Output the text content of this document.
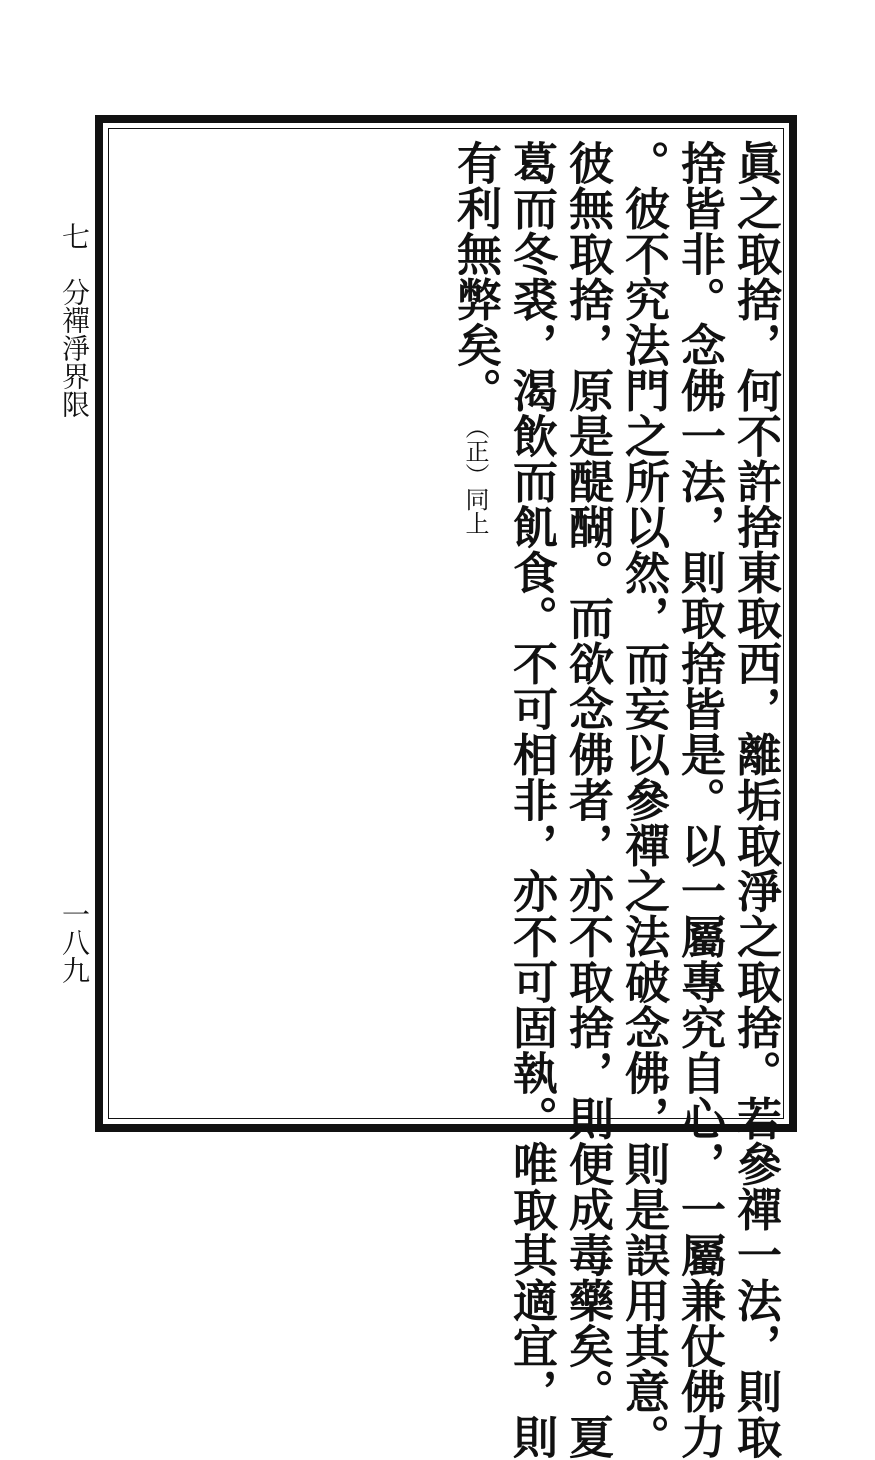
七　分禪淨界限
一八九	眞之取捨，何不許捨東取西，離垢取淨之取捨。若參禪一法，則取
捨皆非。念佛一法，則取捨皆是。以一屬專究自心，一屬兼仗佛力
。彼不究法門之所以然，而妄以參禪之法破念佛，則是誤用其意。
彼無取捨，原是醍醐。而欲念佛者，亦不取捨，則便成毒藥矣。夏
葛而冬裘，渴飲而飢食。不可相非，亦不可固執。唯取其適宜，則
有利無弊矣。（正）同上
